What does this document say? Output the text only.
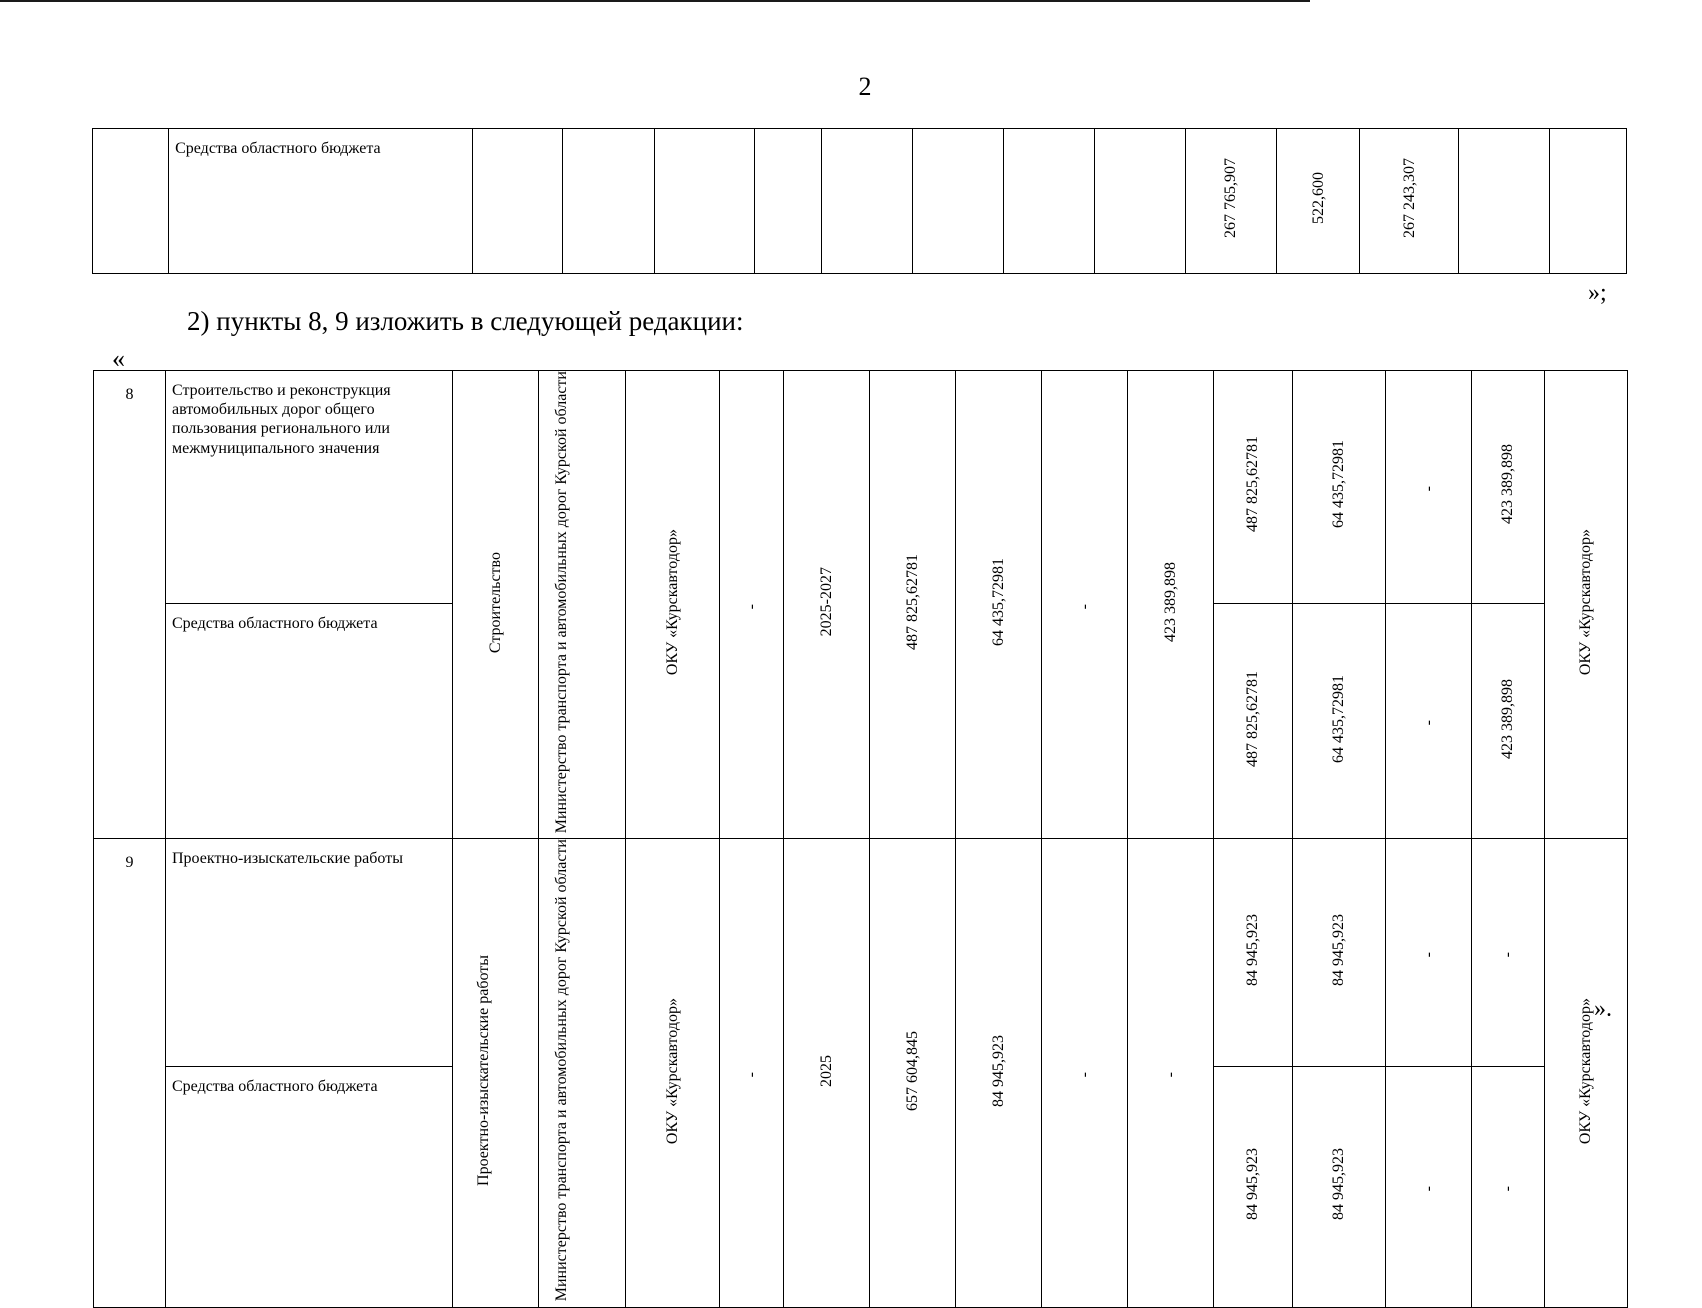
2
	Средства областного бюджета									267 765,907	522,600	267 243,307		
»;
2) пункты 8, 9 изложить в следующей редакции:
«
8	Строительство и реконструкция автомобильных дорог общего пользования регионального или межмуниципального значения	Строительство	Министерство транспорта и автомобильных дорог Курской области	ОКУ «Курскавтодор»	-	2025-2027	487 825,62781	64 435,72981	-	423 389,898	487 825,62781	64 435,72981	-	423 389,898	ОКУ «Курскавтодор»
	Средства областного бюджета										487 825,62781	64 435,72981	-	423 389,898	
9	Проектно-изыскательские работы	Проектно-изыскательские работы	Министерство транспорта и автомобильных дорог Курской области	ОКУ «Курскавтодор»	-	2025	657 604,845	84 945,923	-	-	84 945,923	84 945,923	-	-	ОКУ «Курскавтодор»
	Средства областного бюджета										84 945,923	84 945,923	-	-	
».
